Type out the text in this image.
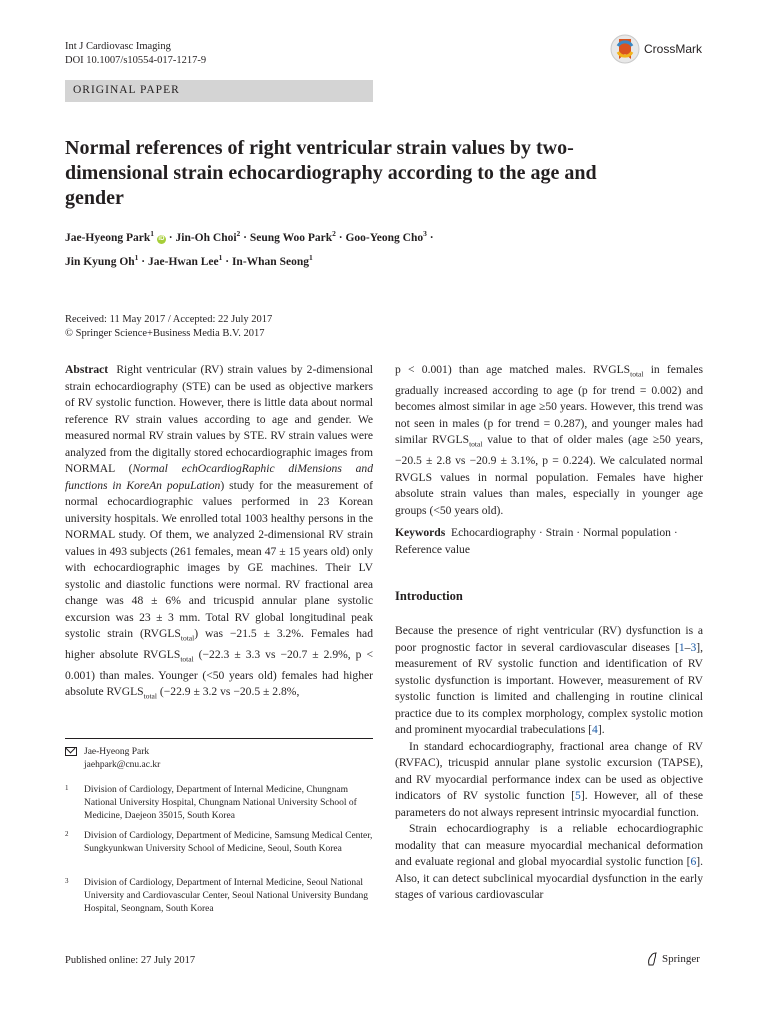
Int J Cardiovasc Imaging
DOI 10.1007/s10554-017-1217-9
CrossMark
ORIGINAL PAPER
Normal references of right ventricular strain values by two-dimensional strain echocardiography according to the age and gender
Jae-Hyeong Park$^1$ iD · Jin-Oh Choi$^2$ · Seung Woo Park$^2$ · Goo-Yeong Cho$^3$ ·
Jin Kyung $Oh^1$ · Jae-Hwan Lee$^1$ · In-Whan Seong$^1$
Received: 11 May 2017 / Accepted: 22 July 2017
© Springer Science+Business Media B.V. 2017

Abstract Right ventricular (RV) strain values by 2-dimensional strain echocardiography (STE) can be used as objective markers of RV systolic function. However, there is little data about normal reference RV strain values according to age and gender. We measured normal RV strain values by STE. RV strain values were analyzed from the digitally stored echocardiographic images from NORMAL (Normal echOcardiogRaphic diMensions and functions in KoreAn popuLation) study for the measurement of normal echocardiographic values performed in 23 Korean university hospitals. We enrolled total 1003 healthy persons in the NORMAL study. Of them, we analyzed 2-dimensional RV strain values in 493 subjects (261 females, mean 47 ± 15 years old) only with echocardiographic images by GE machines. Their LV systolic and diastolic functions were normal. RV fractional area change was 48 ± 6% and tricuspid annular plane systolic excursion was 23 ± 3 mm. Total RV global longitudinal peak systolic strain $(RVGLS_{total})$ was −21.5 ± 3.2%. Females had higher absolute $RVGLS_{total}$ (−22.3 ± 3.3 vs −20.7 ± 2.9%, p < 0.001) than males. Younger (<50 years old) females had higher absolute $RVGLS_{total}$ (−22.9 ± 3.2 vs −20.5 ± 2.8%,

p < 0.001) than age matched males. $RVGLS_{total}$ in females gradually increased according to age (p for trend = 0.002) and becomes almost similar in age ≥50 years. However, this trend was not seen in males (p for trend = 0.287), and younger males had similar $RVGLS_{total}$ value to that of older males (age ≥50 years, −20.5 ± 2.8 vs −20.9 ± 3.1%, p = 0.224). We calculated normal RVGLS values in normal population. Females have higher absolute strain values than males, especially in younger age groups (<50 years old).

Keywords Echocardiography · Strain · Normal population · Reference value
Introduction

Because the presence of right ventricular (RV) dysfunction is a poor prognostic factor in several cardiovascular diseases [1–3], measurement of RV systolic function and identification of RV systolic dysfunction is important. However, measurement of RV systolic function is limited and challenging in routine clinical practice due to its complex morphology, complex systolic motion and prominent myocardial trabeculations [4].

In standard echocardiography, fractional area change of RV (RVFAC), tricuspid annular plane systolic excursion (TAPSE), and RV myocardial performance index can be used as objective indicators of RV systolic function [5]. However, all of these parameters do not always represent intrinsic myocardial function.

Strain echocardiography is a reliable echocardiographic modality that can measure myocardial mechanical deformation and evaluate regional and global myocardial systolic function [6]. Also, it can detect subclinical myocardial dysfunction in the early stages of various cardiovascular

Jae-Hyeong Park
jaehpark@cnu.ac.kr
1 Division of Cardiology, Department of Internal Medicine, Chungnam National University Hospital, Chungnam National University School of Medicine, Daejeon 35015, South Korea
2 Division of Cardiology, Department of Medicine, Samsung Medical Center, Sungkyunkwan University School of Medicine, Seoul, South Korea
3 Division of Cardiology, Department of Internal Medicine, Seoul National University and Cardiovascular Center, Seoul National University Bundang Hospital, Seongnam, South Korea
Published online: 27 July 2017	Springer
